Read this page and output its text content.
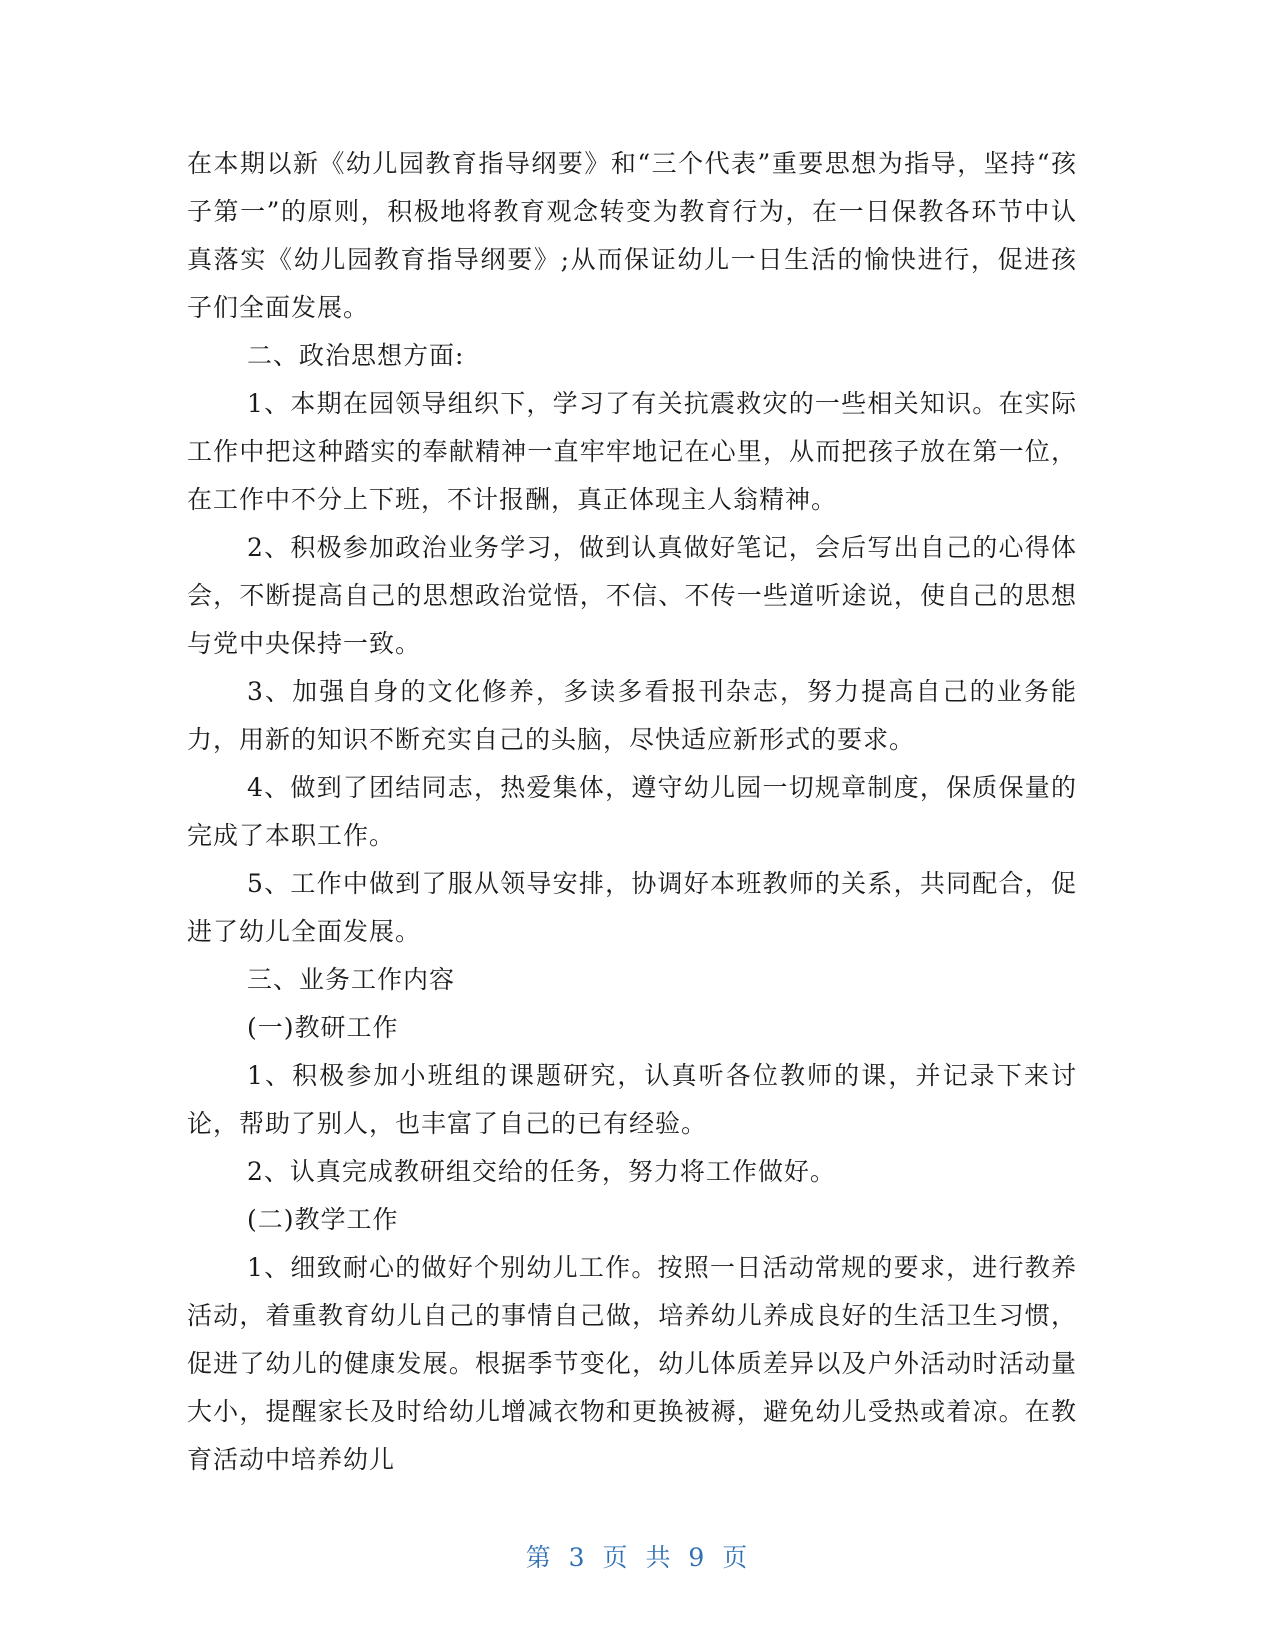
在本期以新《幼儿园教育指导纲要》和“三个代表”重要思想为指导，坚持“孩子第一”的原则，积极地将教育观念转变为教育行为，在一日保教各环节中认真落实《幼儿园教育指导纲要》;从而保证幼儿一日生活的愉快进行，促进孩子们全面发展。

二、政治思想方面:

1、本期在园领导组织下，学习了有关抗震救灾的一些相关知识。在实际工作中把这种踏实的奉献精神一直牢牢地记在心里，从而把孩子放在第一位，在工作中不分上下班，不计报酬，真正体现主人翁精神。

2、积极参加政治业务学习，做到认真做好笔记，会后写出自己的心得体会，不断提高自己的思想政治觉悟，不信、不传一些道听途说，使自己的思想与党中央保持一致。

3、加强自身的文化修养，多读多看报刊杂志，努力提高自己的业务能力，用新的知识不断充实自己的头脑，尽快适应新形式的要求。

4、做到了团结同志，热爱集体，遵守幼儿园一切规章制度，保质保量的完成了本职工作。

5、工作中做到了服从领导安排，协调好本班教师的关系，共同配合，促进了幼儿全面发展。

三、业务工作内容

(一)教研工作

1、积极参加小班组的课题研究，认真听各位教师的课，并记录下来讨论，帮助了别人，也丰富了自己的已有经验。

2、认真完成教研组交给的任务，努力将工作做好。

(二)教学工作

1、细致耐心的做好个别幼儿工作。按照一日活动常规的要求，进行教养活动，着重教育幼儿自己的事情自己做，培养幼儿养成良好的生活卫生习惯，促进了幼儿的健康发展。根据季节变化，幼儿体质差异以及户外活动时活动量大小，提醒家长及时给幼儿增减衣物和更换被褥，避免幼儿受热或着凉。在教育活动中培养幼儿

第 3 页 共 9 页
